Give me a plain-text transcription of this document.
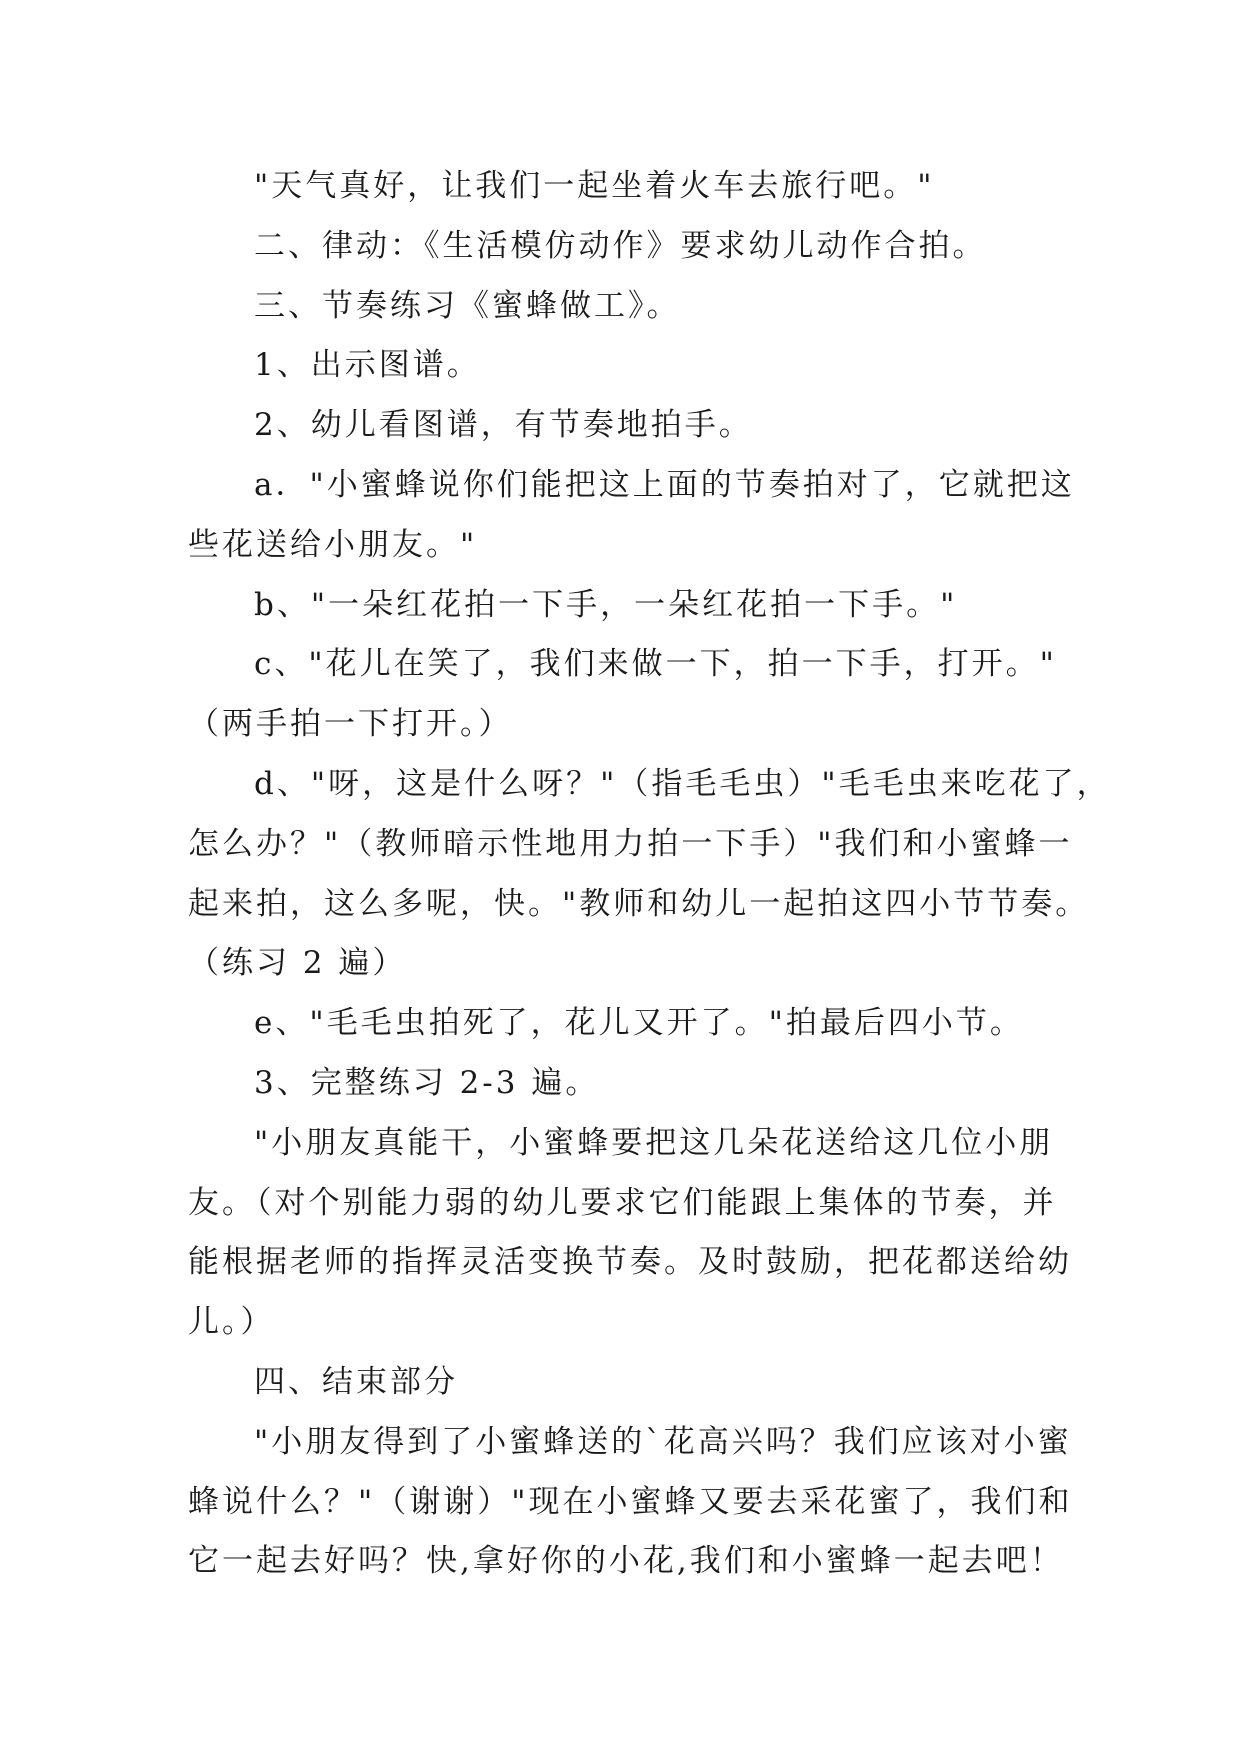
"天气真好，让我们一起坐着火车去旅行吧。"
二、律动：《生活模仿动作》要求幼儿动作合拍。
三、节奏练习《蜜蜂做工》。
1、出示图谱。
2、幼儿看图谱，有节奏地拍手。
a．"小蜜蜂说你们能把这上面的节奏拍对了，它就把这
些花送给小朋友。"
b、"一朵红花拍一下手，一朵红花拍一下手。"
c、"花儿在笑了，我们来做一下，拍一下手，打开。"
（两手拍一下打开。）
d、"呀，这是什么呀？"（指毛毛虫）"毛毛虫来吃花了，
怎么办？"（教师暗示性地用力拍一下手）"我们和小蜜蜂一
起来拍，这么多呢，快。"教师和幼儿一起拍这四小节节奏。
（练习 2 遍）
e、"毛毛虫拍死了，花儿又开了。"拍最后四小节。
3、完整练习 2-3 遍。
"小朋友真能干，小蜜蜂要把这几朵花送给这几位小朋
友。（对个别能力弱的幼儿要求它们能跟上集体的节奏，并
能根据老师的指挥灵活变换节奏。及时鼓励，把花都送给幼
儿。）
四、结束部分
"小朋友得到了小蜜蜂送的`花高兴吗？我们应该对小蜜
蜂说什么？"（谢谢）"现在小蜜蜂又要去采花蜜了，我们和
它一起去好吗？快,拿好你的小花,我们和小蜜蜂一起去吧！
